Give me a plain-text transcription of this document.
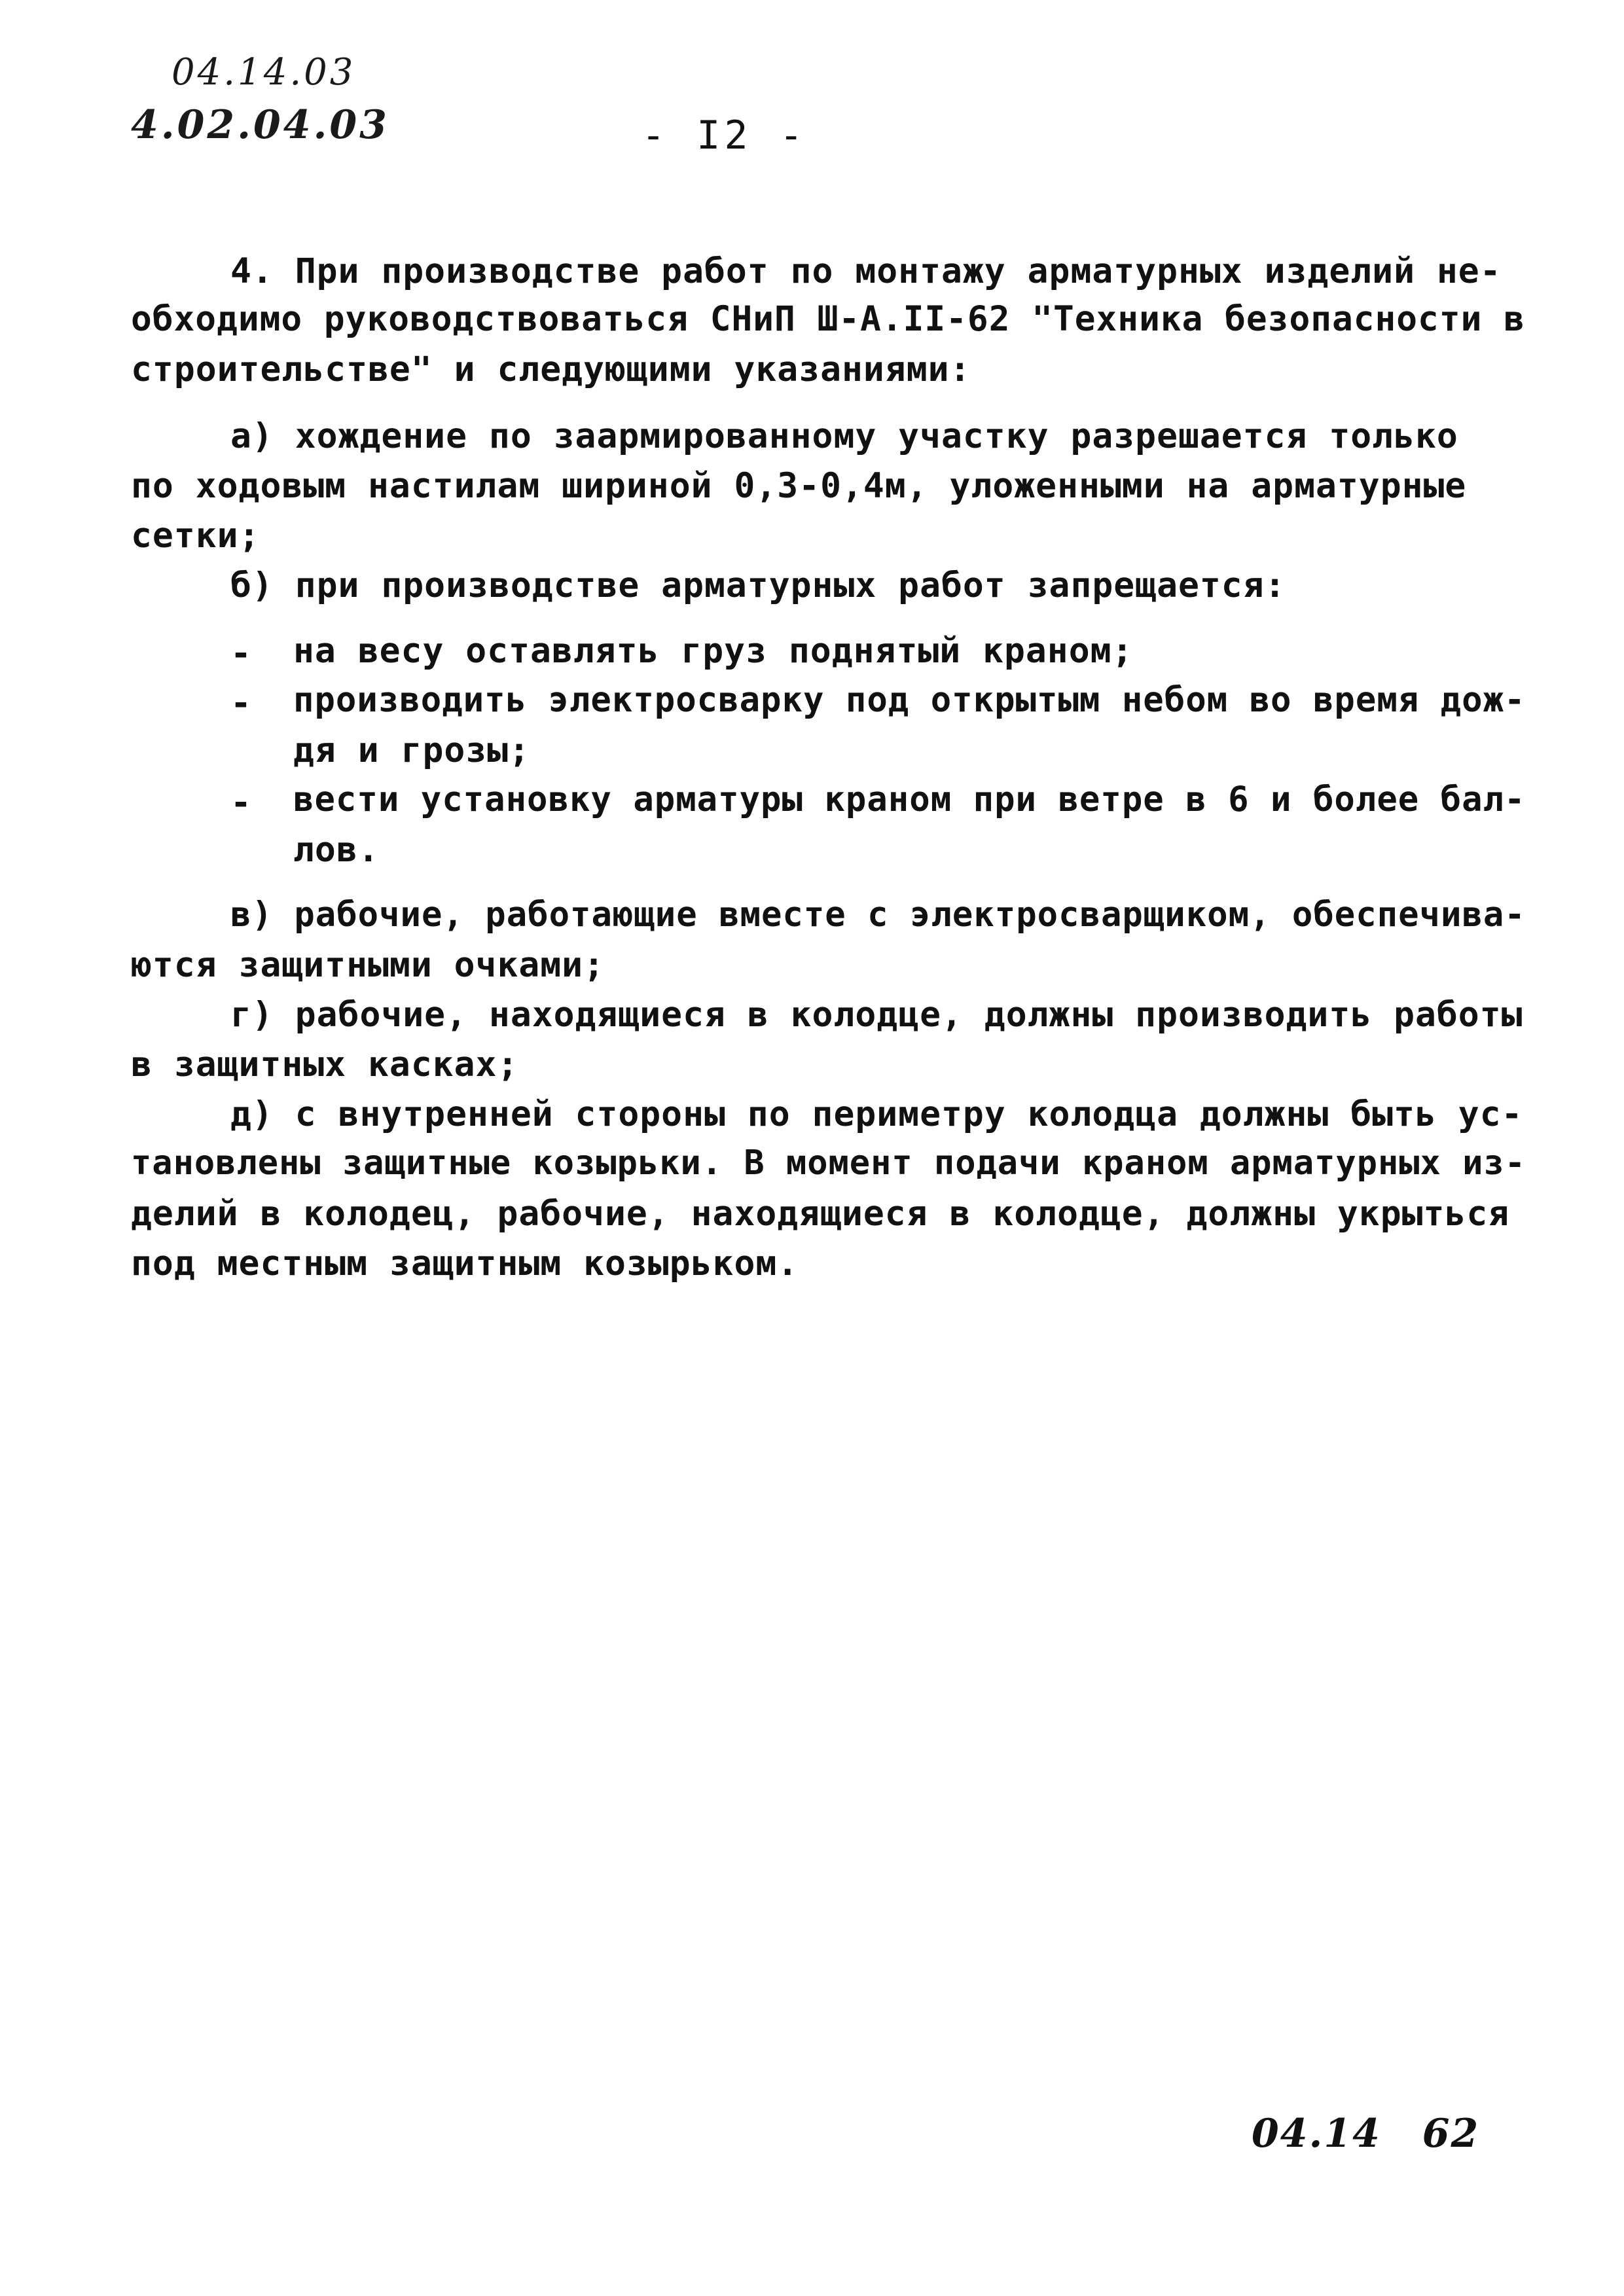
04.14.03
4.02.04.03	- I2 -
4. При производстве работ по монтажу арматурных изделий не-
обходимо руководствоваться СНиП Ш-А.II-62 "Техника безопасности в
строительстве" и следующими указаниями:
а) хождение по заармированному участку разрешается только
по ходовым настилам шириной 0,3-0,4м, уложенными на арматурные
сетки;
б) при производстве арматурных работ запрещается:
- на весу оставлять груз поднятый краном;
- производить электросварку под открытым небом во время дож-
дя и грозы;
- вести установку арматуры краном при ветре в 6 и более бал-
лов.
в) рабочие, работающие вместе с электросварщиком, обеспечива-
ются защитными очками;
г) рабочие, находящиеся в колодце, должны производить работы
в защитных касках;
д) с внутренней стороны по периметру колодца должны быть ус-
тановлены защитные козырьки. В момент подачи краном арматурных из-
делий в колодец, рабочие, находящиеся в колодце, должны укрыться
под местным защитным козырьком.
04.14 62
